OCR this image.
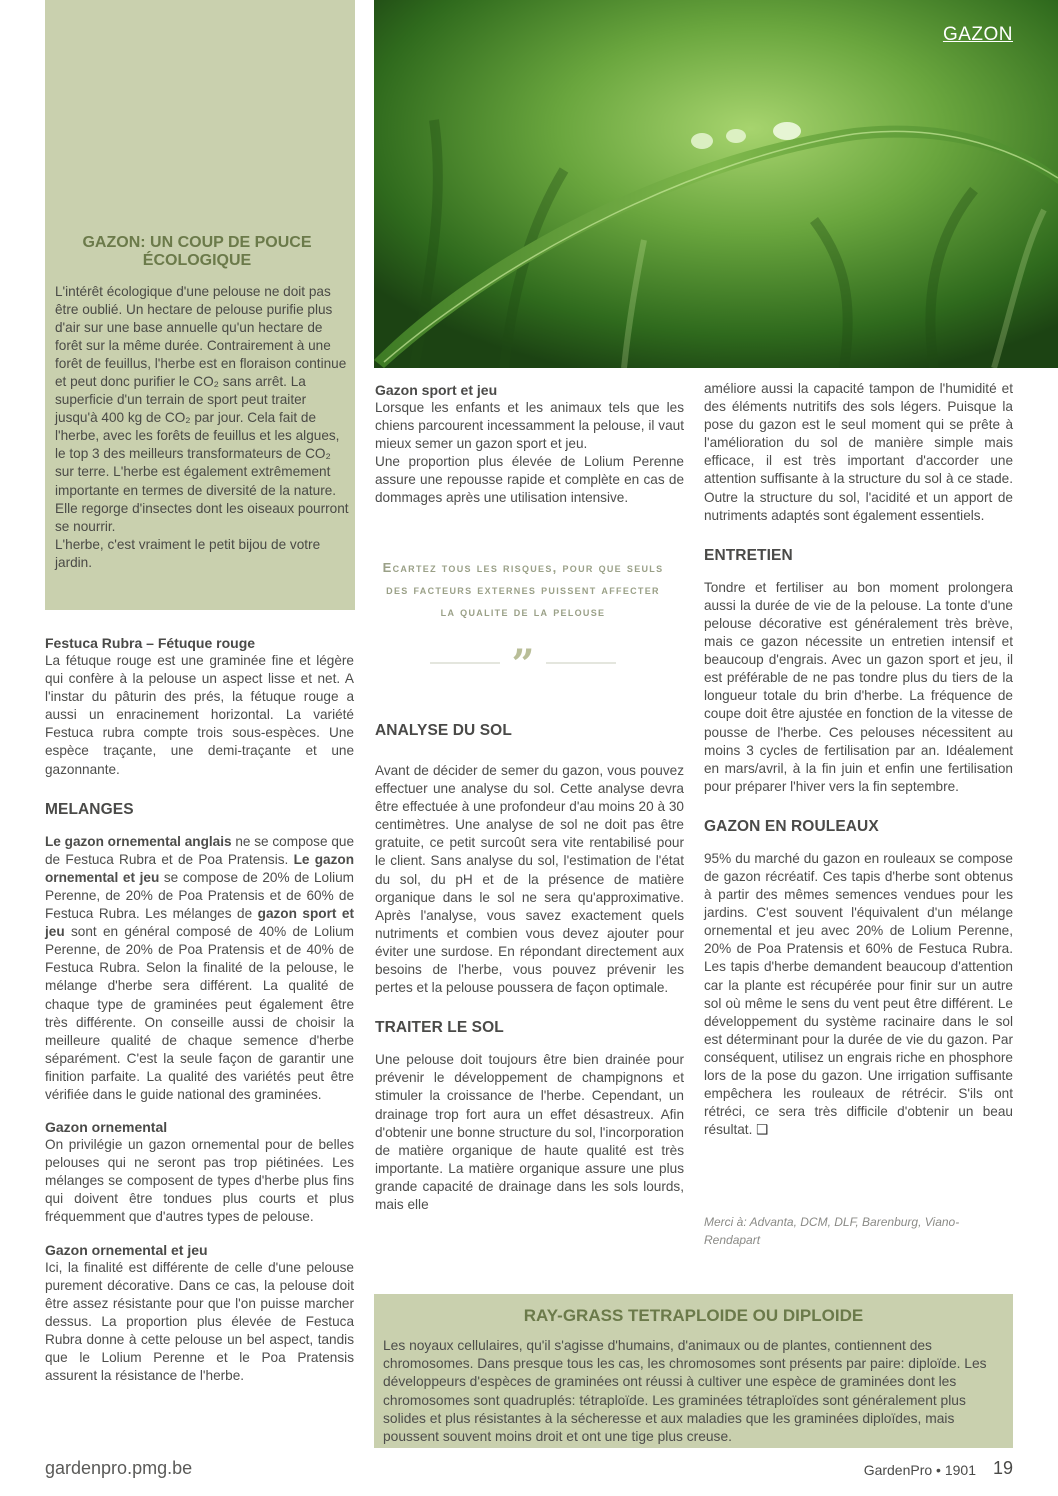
GAZON
GAZON: UN COUP DE POUCE ÉCOLOGIQUE

L'intérêt écologique d'une pelouse ne doit pas être oublié. Un hectare de pelouse purifie plus d'air sur une base annuelle qu'un hectare de forêt sur la même durée. Contrairement à une forêt de feuillus, l'herbe est en floraison continue et peut donc purifier le CO₂ sans arrêt. La superficie d'un terrain de sport peut traiter jusqu'à 400 kg de CO₂ par jour. Cela fait de l'herbe, avec les forêts de feuillus et les algues, le top 3 des meilleurs transformateurs de CO₂ sur terre. L'herbe est également extrêmement importante en termes de diversité de la nature. Elle regorge d'insectes dont les oiseaux pourront se nourrir.

L'herbe, c'est vraiment le petit bijou de votre jardin.

Festuca Rubra – Fétuque rouge

La fétuque rouge est une graminée fine et légère qui confère à la pelouse un aspect lisse et net. A l'instar du pâturin des prés, la fétuque rouge a aussi un enracinement horizontal. La variété Festuca rubra compte trois sous-espèces. Une espèce traçante, une demi-traçante et une gazonnante.

MELANGES

Le gazon ornemental anglais ne se compose que de Festuca Rubra et de Poa Pratensis. Le gazon ornemental et jeu se compose de 20% de Lolium Perenne, de 20% de Poa Pratensis et de 60% de Festuca Rubra. Les mélanges de gazon sport et jeu sont en général composé de 40% de Lolium Perenne, de 20% de Poa Pratensis et de 40% de Festuca Rubra. Selon la finalité de la pelouse, le mélange d'herbe sera différent. La qualité de chaque type de graminées peut également être très différente. On conseille aussi de choisir la meilleure qualité de chaque semence d'herbe séparément. C'est la seule façon de garantir une finition parfaite. La qualité des variétés peut être vérifiée dans le guide national des graminées.

Gazon ornemental

On privilégie un gazon ornemental pour de belles pelouses qui ne seront pas trop piétinées. Les mélanges se composent de types d'herbe plus fins qui doivent être tondues plus courts et plus fréquemment que d'autres types de pelouse.

Gazon ornemental et jeu

Ici, la finalité est différente de celle d'une pelouse purement décorative. Dans ce cas, la pelouse doit être assez résistante pour que l'on puisse marcher dessus. La proportion plus élevée de Festuca Rubra donne à cette pelouse un bel aspect, tandis que le Lolium Perenne et le Poa Pratensis assurent la résistance de l'herbe.

Gazon sport et jeu

Lorsque les enfants et les animaux tels que les chiens parcourent incessamment la pelouse, il vaut mieux semer un gazon sport et jeu.

Une proportion plus élevée de Lolium Perenne assure une repousse rapide et complète en cas de dommages après une utilisation intensive.

Ecartez tous les risques, pour que seuls des facteurs externes puissent affecter la qualite de la pelouse
”
ANALYSE DU SOL

Avant de décider de semer du gazon, vous pouvez effectuer une analyse du sol. Cette analyse devra être effectuée à une profondeur d'au moins 20 à 30 centimètres. Une analyse de sol ne doit pas être gratuite, ce petit surcoût sera vite rentabilisé pour le client. Sans analyse du sol, l'estimation de l'état du sol, du pH et de la présence de matière organique dans le sol ne sera qu'approximative. Après l'analyse, vous savez exactement quels nutriments et combien vous devez ajouter pour éviter une surdose. En répondant directement aux besoins de l'herbe, vous pouvez prévenir les pertes et la pelouse poussera de façon optimale.

TRAITER LE SOL

Une pelouse doit toujours être bien drainée pour prévenir le développement de champignons et stimuler la croissance de l'herbe. Cependant, un drainage trop fort aura un effet désastreux. Afin d'obtenir une bonne structure du sol, l'incorporation de matière organique de haute qualité est très importante. La matière organique assure une plus grande capacité de drainage dans les sols lourds, mais elle

améliore aussi la capacité tampon de l'humidité et des éléments nutritifs des sols légers. Puisque la pose du gazon est le seul moment qui se prête à l'amélioration du sol de manière simple mais efficace, il est très important d'accorder une attention suffisante à la structure du sol à ce stade. Outre la structure du sol, l'acidité et un apport de nutriments adaptés sont également essentiels.

ENTRETIEN

Tondre et fertiliser au bon moment prolongera aussi la durée de vie de la pelouse. La tonte d'une pelouse décorative est généralement très brève, mais ce gazon nécessite un entretien intensif et beaucoup d'engrais. Avec un gazon sport et jeu, il est préférable de ne pas tondre plus du tiers de la longueur totale du brin d'herbe. La fréquence de coupe doit être ajustée en fonction de la vitesse de pousse de l'herbe. Ces pelouses nécessitent au moins 3 cycles de fertilisation par an. Idéalement en mars/avril, à la fin juin et enfin une fertilisation pour préparer l'hiver vers la fin septembre.

GAZON EN ROULEAUX

95% du marché du gazon en rouleaux se compose de gazon récréatif. Ces tapis d'herbe sont obtenus à partir des mêmes semences vendues pour les jardins. C'est souvent l'équivalent d'un mélange ornemental et jeu avec 20% de Lolium Perenne, 20% de Poa Pratensis et 60% de Festuca Rubra. Les tapis d'herbe demandent beaucoup d'attention car la plante est récupérée pour finir sur un autre sol où même le sens du vent peut être différent. Le développement du système racinaire dans le sol est déterminant pour la durée de vie du gazon. Par conséquent, utilisez un engrais riche en phosphore lors de la pose du gazon. Une irrigation suffisante empêchera les rouleaux de rétrécir. S'ils ont rétréci, ce sera très difficile d'obtenir un beau résultat. ❑

Merci à: Advanta, DCM, DLF, Barenburg, Viano-Rendapart
RAY-GRASS TETRAPLOIDE OU DIPLOIDE

Les noyaux cellulaires, qu'il s'agisse d'humains, d'animaux ou de plantes, contiennent des chromosomes. Dans presque tous les cas, les chromosomes sont présents par paire: diploïde. Les développeurs d'espèces de graminées ont réussi à cultiver une espèce de graminées dont les chromosomes sont quadruplés: tétraploïde. Les graminées tétraploïdes sont généralement plus solides et plus résistantes à la sécheresse et aux maladies que les graminées diploïdes, mais poussent souvent moins droit et ont une tige plus creuse.

gardenpro.pmg.be	GardenPro • 1901 19
